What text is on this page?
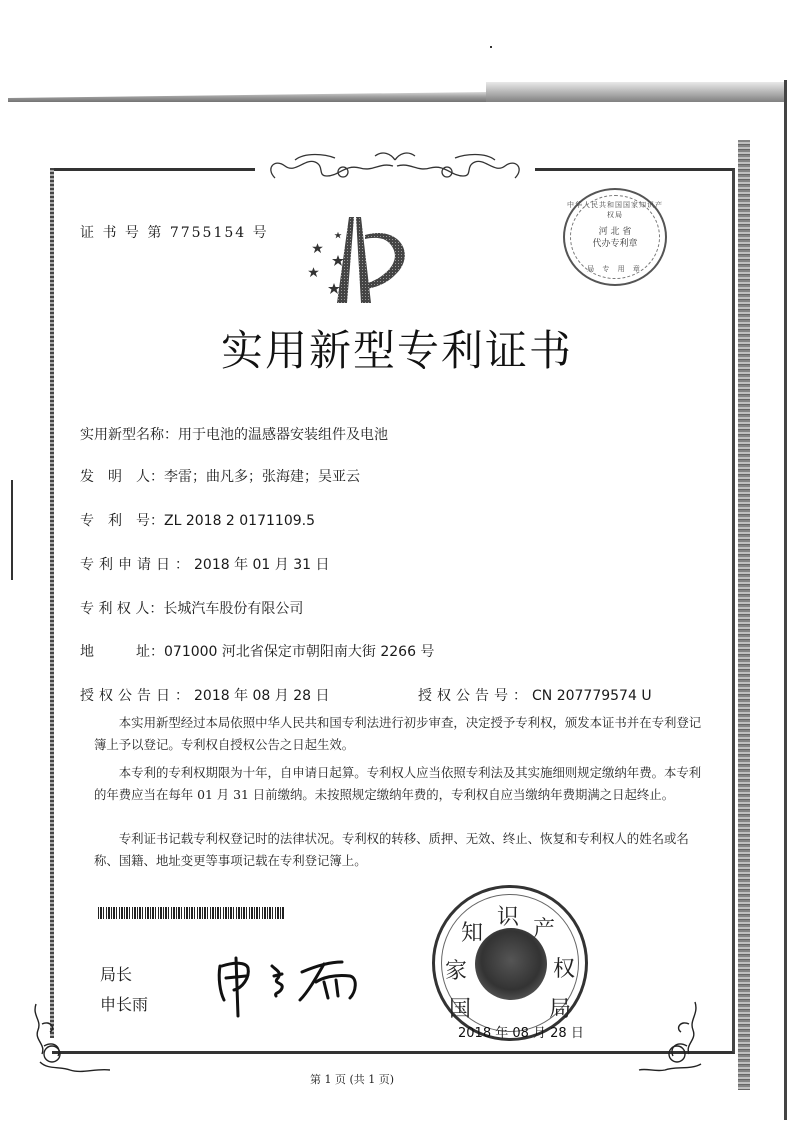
证 书 号 第 7755154 号
中华人民共和国国家知识产权局
河 北 省
代办专利章
局 专 用 章
实用新型专利证书
实用新型名称：用于电池的温感器安装组件及电池
发　明　人：李雷；曲凡多；张海建；吴亚云
专　利　号：ZL 2018 2 0171109.5
专利申请日：2018 年 01 月 31 日
专 利 权 人：长城汽车股份有限公司
地　　　址：071000 河北省保定市朝阳南大街 2266 号
授权公告日：2018 年 08 月 28 日	授权公告号：CN 207779574 U
本实用新型经过本局依照中华人民共和国专利法进行初步审查，决定授予专利权，颁发本证书并在专利登记簿上予以登记。专利权自授权公告之日起生效。
本专利的专利权期限为十年，自申请日起算。专利权人应当依照专利法及其实施细则规定缴纳年费。本专利的年费应当在每年 01 月 31 日前缴纳。未按照规定缴纳年费的，专利权自应当缴纳年费期满之日起终止。
专利证书记载专利权登记时的法律状况。专利权的转移、质押、无效、终止、恢复和专利权人的姓名或名称、国籍、地址变更等事项记载在专利登记簿上。
局长
申长雨	国
家
知
识 产
权
局
2018 年 08 月 28 日
第 1 页 (共 1 页)
